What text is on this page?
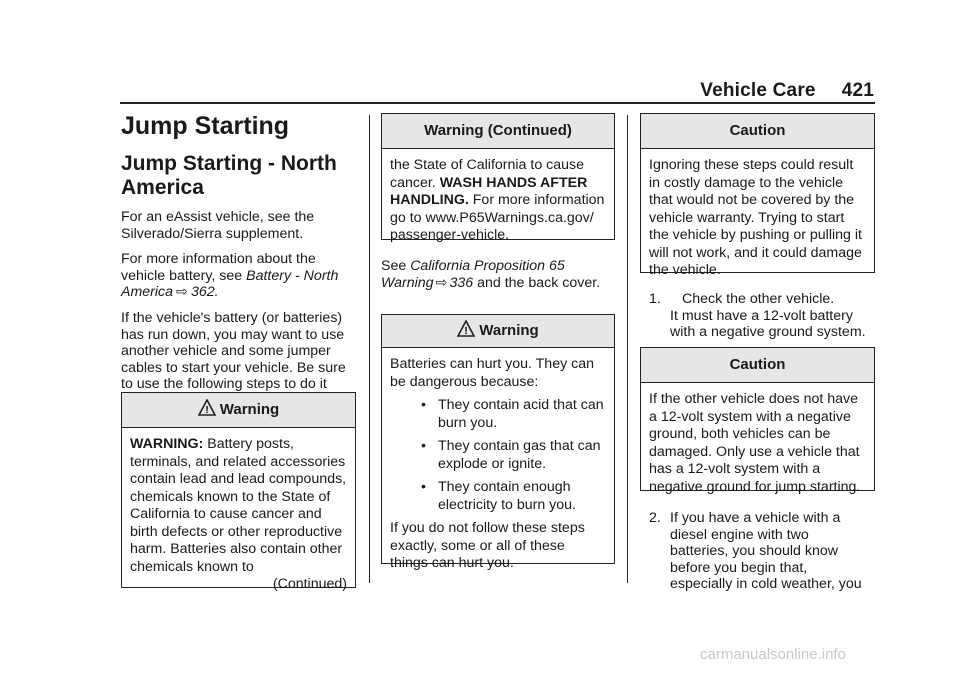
Vehicle Care 421
Jump Starting
Jump Starting - North America

For an eAssist vehicle, see the Silverado/Sierra supplement.

For more information about the vehicle battery, see Battery - North America ⇨ 362.

If the vehicle's battery (or batteries) has run down, you may want to use another vehicle and some jumper cables to start your vehicle. Be sure to use the following steps to do it

! Warning

WARNING: Battery posts, terminals, and related accessories contain lead and lead compounds, chemicals known to the State of California to cause cancer and birth defects or other reproductive harm. Batteries also contain other chemicals known to

(Continued)
Warning (Continued)
the State of California to cause cancer. WASH HANDS AFTER HANDLING. For more information go to www.P65Warnings.ca.gov/ passenger-vehicle.
See California Proposition 65 Warning ⇨ 336 and the back cover.
! Warning

Batteries can hurt you. They can be dangerous because:

• They contain acid that can burn you.
• They contain gas that can explode or ignite.
• They contain enough electricity to burn you.

If you do not follow these steps exactly, some or all of these things can hurt you.

Caution
Ignoring these steps could result in costly damage to the vehicle that would not be covered by the vehicle warranty. Trying to start the vehicle by pushing or pulling it will not work, and it could damage the vehicle.
1.	Check the other vehicle.
It must have a 12-volt battery with a negative ground system.
Caution
If the other vehicle does not have a 12-volt system with a negative ground, both vehicles can be damaged. Only use a vehicle that has a 12-volt system with a negative ground for jump starting.
2. If you have a vehicle with a diesel engine with two batteries, you should know before you begin that, especially in cold weather, you
carmanualsonline.info
